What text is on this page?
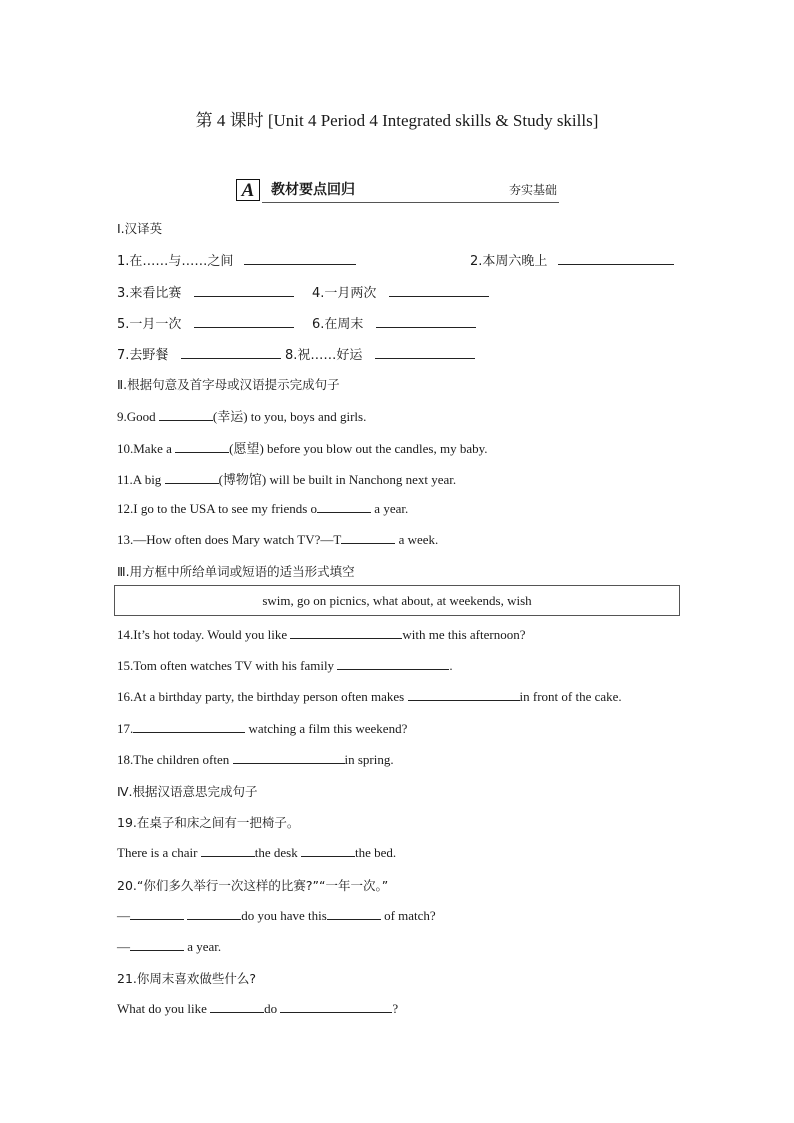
第 4 课时 [Unit 4 Period 4 Integrated skills & Study skills]
A	教材要点回归	夯实基础
Ⅰ.汉译英
1.在……与……之间	2.本周六晚上
3.来看比赛	4.一月两次
5.一月一次	6.在周末
7.去野餐	8.祝……好运
Ⅱ.根据句意及首字母或汉语提示完成句子
9.Good	(幸运) to you, boys and girls.
10.Make a	(愿望) before you blow out the candles, my baby.
11.A big	(博物馆) will be built in Nanchong next year.
12.I go to the USA to see my friends o	a year.
13.—How often does Mary watch TV?—T	a week.
Ⅲ.用方框中所给单词或短语的适当形式填空
swim, go on picnics, what about, at weekends, wish
14.It’s hot today. Would you like	with me this afternoon?
15.Tom often watches TV with his family	.
16.At a birthday party, the birthday person often makes	in front of the cake.
17.	watching a film this weekend?
18.The children often	in spring.
Ⅳ.根据汉语意思完成句子
19.在桌子和床之间有一把椅子。
There is a chair	the desk	the bed.
20.“你们多久举行一次这样的比赛?”“一年一次。”
—	do you have this	of match?
—	a year.
21.你周末喜欢做些什么?
What do you like	do	?
